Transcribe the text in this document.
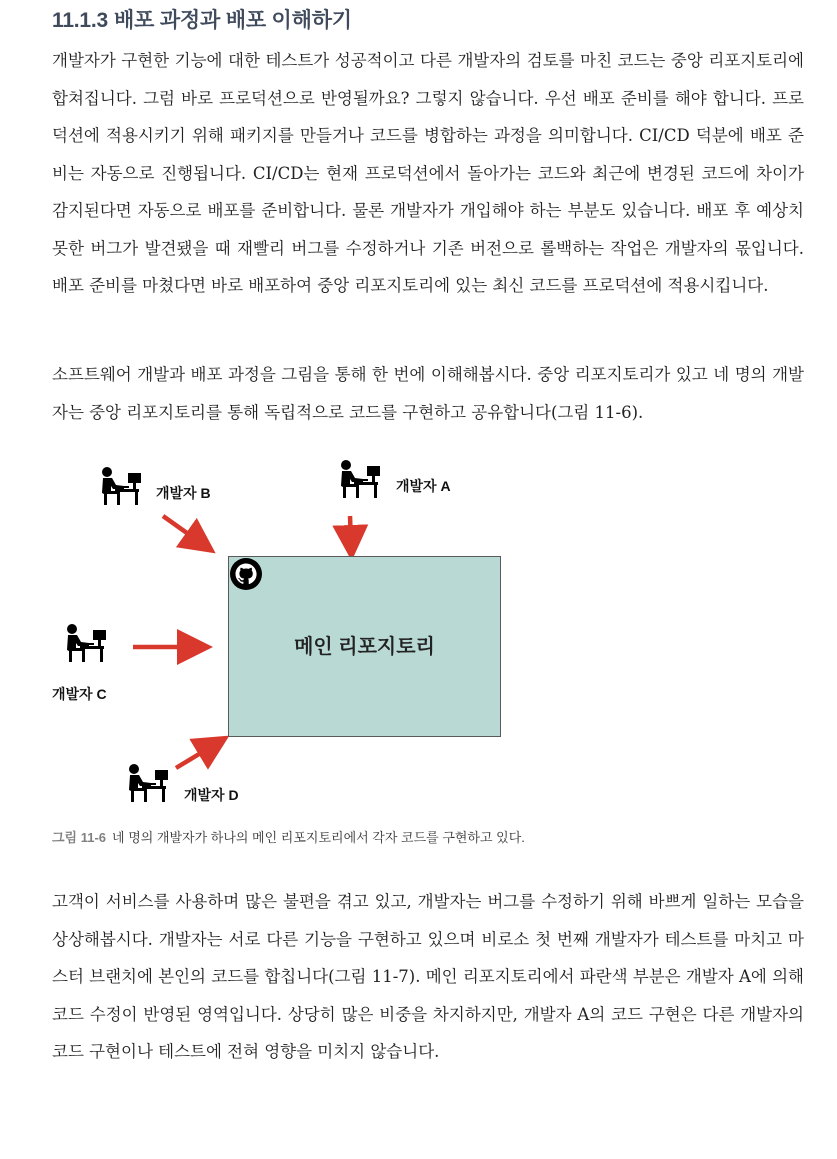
11.1.3 배포 과정과 배포 이해하기

개발자가 구현한 기능에 대한 테스트가 성공적이고 다른 개발자의 검토를 마친 코드는 중앙 리포지토리에 합쳐집니다. 그럼 바로 프로덕션으로 반영될까요? 그렇지 않습니다. 우선 배포 준비를 해야 합니다. 프로덕션에 적용시키기 위해 패키지를 만들거나 코드를 병합하는 과정을 의미합니다. CI/CD 덕분에 배포 준비는 자동으로 진행됩니다. CI/CD는 현재 프로덕션에서 돌아가는 코드와 최근에 변경된 코드에 차이가 감지된다면 자동으로 배포를 준비합니다. 물론 개발자가 개입해야 하는 부분도 있습니다. 배포 후 예상치 못한 버그가 발견됐을 때 재빨리 버그를 수정하거나 기존 버전으로 롤백하는 작업은 개발자의 몫입니다. 배포 준비를 마쳤다면 바로 배포하여 중앙 리포지토리에 있는 최신 코드를 프로덕션에 적용시킵니다.

소프트웨어 개발과 배포 과정을 그림을 통해 한 번에 이해해봅시다. 중앙 리포지토리가 있고 네 명의 개발자는 중앙 리포지토리를 통해 독립적으로 코드를 구현하고 공유합니다(그림 11-6).

개발자 B	개발자 A
개발자 C
개발자 D
메인 리포지토리
그림 11-6 네 명의 개발자가 하나의 메인 리포지토리에서 각자 코드를 구현하고 있다.

고객이 서비스를 사용하며 많은 불편을 겪고 있고, 개발자는 버그를 수정하기 위해 바쁘게 일하는 모습을 상상해봅시다. 개발자는 서로 다른 기능을 구현하고 있으며 비로소 첫 번째 개발자가 테스트를 마치고 마스터 브랜치에 본인의 코드를 합칩니다(그림 11-7). 메인 리포지토리에서 파란색 부분은 개발자 A에 의해 코드 수정이 반영된 영역입니다. 상당히 많은 비중을 차지하지만, 개발자 A의 코드 구현은 다른 개발자의 코드 구현이나 테스트에 전혀 영향을 미치지 않습니다.
